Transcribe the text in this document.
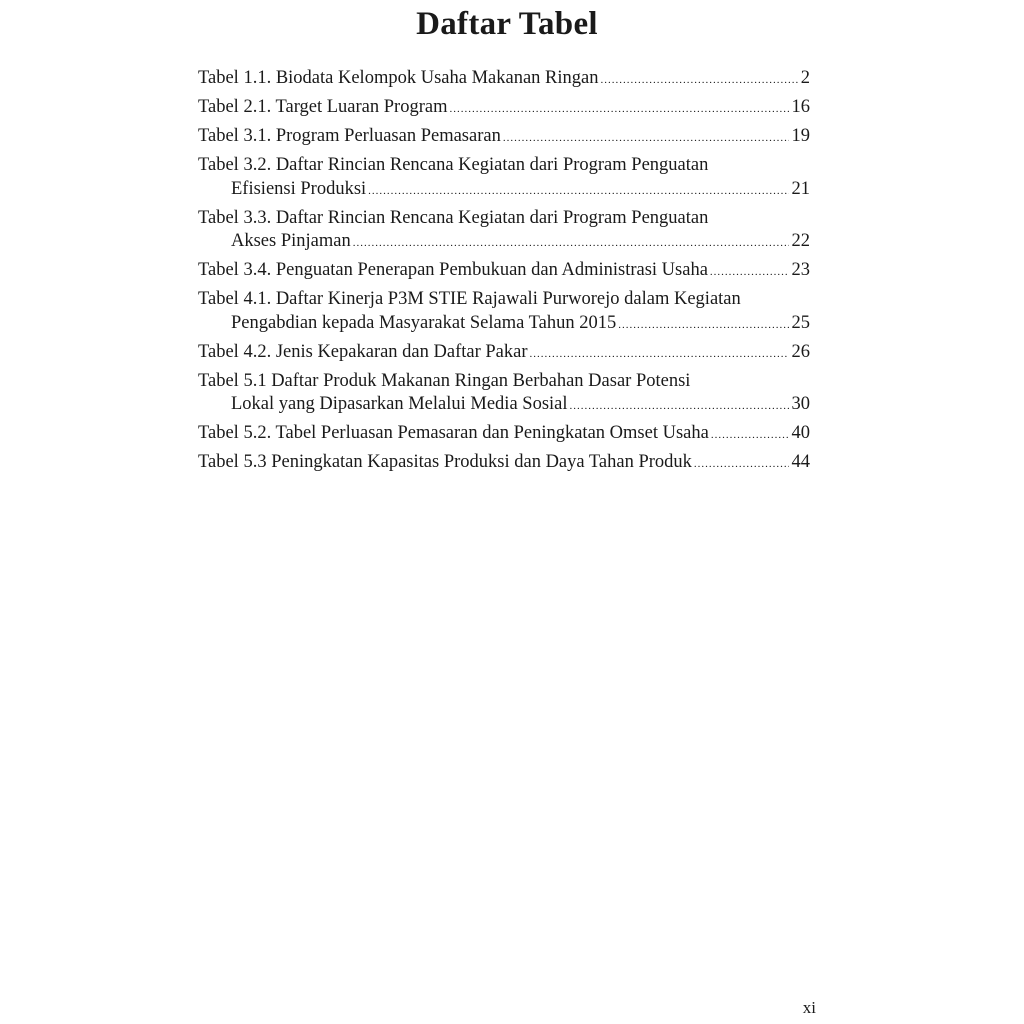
Daftar Tabel
Tabel 1.1. Biodata Kelompok Usaha Makanan Ringan .....	2
Tabel 2.1. Target Luaran Program .....	16
Tabel 3.1. Program Perluasan Pemasaran .....	19
Tabel 3.2. Daftar Rincian Rencana Kegiatan dari Program Penguatan
Efisiensi Produksi .....	21
Tabel 3.3. Daftar Rincian Rencana Kegiatan dari Program Penguatan
Akses Pinjaman .....	22
Tabel 3.4. Penguatan Penerapan Pembukuan dan Administrasi Usaha .....	23
Tabel 4.1. Daftar Kinerja P3M STIE Rajawali Purworejo dalam Kegiatan
Pengabdian kepada Masyarakat Selama Tahun 2015 .....	25
Tabel 4.2. Jenis Kepakaran dan Daftar Pakar .....	26
Tabel 5.1 Daftar Produk Makanan Ringan Berbahan Dasar Potensi
Lokal yang Dipasarkan Melalui Media Sosial .....	30
Tabel 5.2. Tabel Perluasan Pemasaran dan Peningkatan Omset Usaha .....	40
Tabel 5.3 Peningkatan Kapasitas Produksi dan Daya Tahan Produk .....	44
xi
